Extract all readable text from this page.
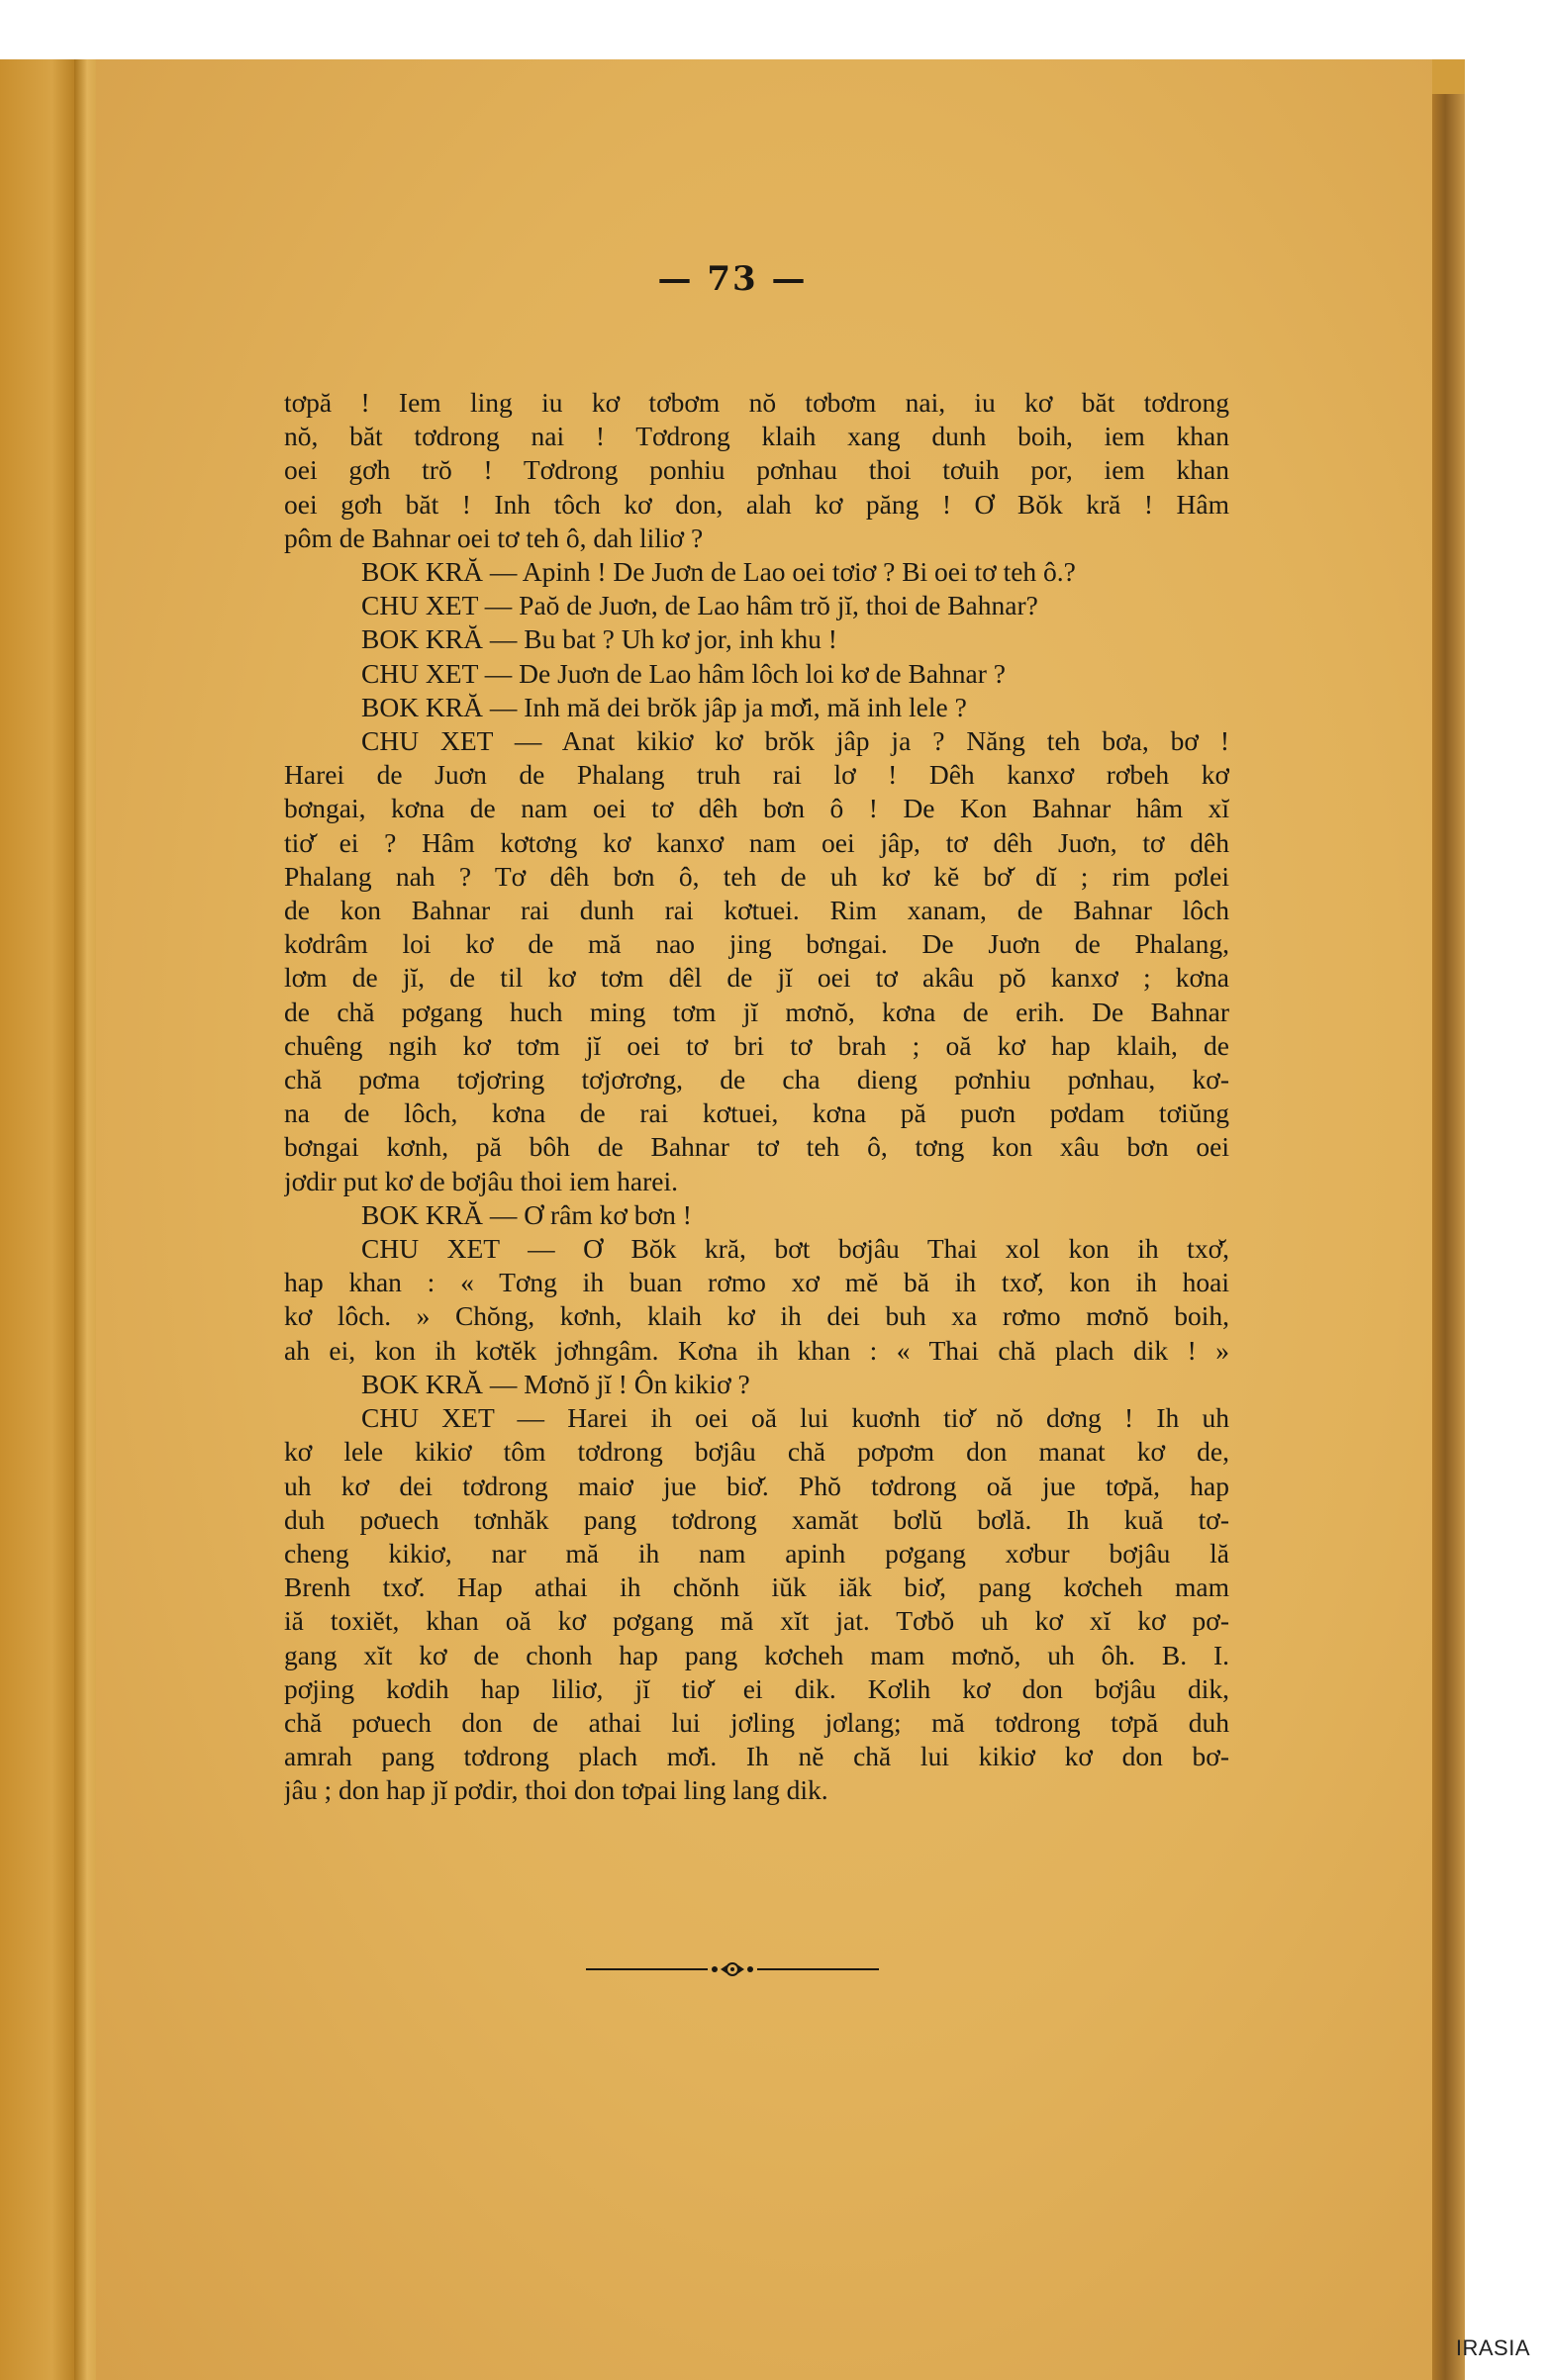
— 73 —
tơpă ! Iem ling iu kơ tơbơm nŏ tơbơm nai, iu kơ băt tơdrong
nŏ, băt tơdrong nai ! Tơdrong klaih xang dunh boih, iem khan
oei gơh trŏ ! Tơdrong ponhiu pơnhau thoi tơuih por, iem khan
oei gơh băt ! Inh tôch kơ don, alah kơ păng ! Ơ Bŏk kră ! Hâm
pôm de Bahnar oei tơ teh ô, dah liliơ ?
BOK KRĂ — Apinh ! De Juơn de Lao oei tơiơ ? Bi oei tơ teh ô.?
CHU XET — Paŏ de Juơn, de Lao hâm trŏ jĭ, thoi de Bahnar?
BOK KRĂ — Bu bat ? Uh kơ jor, inh khu !
CHU XET — De Juơn de Lao hâm lôch loi kơ de Bahnar ?
BOK KRĂ — Inh mă dei brŏk jâp ja mơ̆i, mă inh lele ?
CHU XET — Anat kikiơ kơ brŏk jâp ja ? Năng teh bơa, bơ !
Harei de Juơn de Phalang truh rai lơ ! Dêh kanxơ rơbeh kơ
bơngai, kơna de nam oei tơ dêh bơn ô ! De Kon Bahnar hâm xĭ
tiơ̆ ei ? Hâm kơtơng kơ kanxơ nam oei jâp, tơ dêh Juơn, tơ dêh
Phalang nah ? Tơ dêh bơn ô, teh de uh kơ kĕ bơ̆ dĭ ; rim pơlei
de kon Bahnar rai dunh rai kơtuei. Rim xanam, de Bahnar lôch
kơdrâm loi kơ de mă nao jing bơngai. De Juơn de Phalang,
lơm de jĭ, de til kơ tơm dêl de jĭ oei tơ akâu pŏ kanxơ ; kơna
de chă pơgang huch ming tơm jĭ mơnŏ, kơna de erih. De Bahnar
chuêng ngih kơ tơm jĭ oei tơ bri tơ brah ; oă kơ hap klaih, de
chă pơma tơjơring tơjơrơng, de cha dieng pơnhiu pơnhau, kơ-
na de lôch, kơna de rai kơtuei, kơna pă puơn pơdam tơiŭng
bơngai kơnh, pă bôh de Bahnar tơ teh ô, tơng kon xâu bơn oei
jơdir put kơ de bơjâu thoi iem harei.
BOK KRĂ — Ơ râm kơ bơn !
CHU XET — Ơ Bŏk kră, bơt bơjâu Thai xol kon ih txơ̆,
hap khan : « Tơng ih buan rơmo xơ mĕ bă ih txơ̆, kon ih hoai
kơ lôch. » Chŏng, kơnh, klaih kơ ih dei buh xa rơmo mơnŏ boih,
ah ei, kon ih kơtĕk jơhngâm. Kơna ih khan : « Thai chă plach dik ! »
BOK KRĂ — Mơnŏ jĭ ! Ôn kikiơ ?
CHU XET — Harei ih oei oă lui kuơnh tiơ̆ nŏ dơng ! Ih uh
kơ lele kikiơ tôm tơdrong bơjâu chă pơpơm don manat kơ de,
uh kơ dei tơdrong maiơ jue biơ̆. Phŏ tơdrong oă jue tơpă, hap
duh pơuech tơnhăk pang tơdrong xamăt bơlŭ bơlă. Ih kuă tơ-
cheng kikiơ, nar mă ih nam apinh pơgang xơbur bơjâu lă
Brenh txơ̆. Hap athai ih chŏnh iŭk iăk biơ̆, pang kơcheh mam
iă toxiĕt, khan oă kơ pơgang mă xĭt jat. Tơbŏ uh kơ xĭ kơ pơ-
gang xĭt kơ de chonh hap pang kơcheh mam mơnŏ, uh ôh. B. I.
pơjing kơdih hap liliơ, jĭ tiơ̆ ei dik. Kơlih kơ don bơjâu dik,
chă pơuech don de athai lui jơling jơlang; mă tơdrong tơpă duh
amrah pang tơdrong plach mơ̆i. Ih nĕ chă lui kikiơ kơ don bơ-
jâu ; don hap jĭ pơdir, thoi don tơpai ling lang dik.
IRASIA
